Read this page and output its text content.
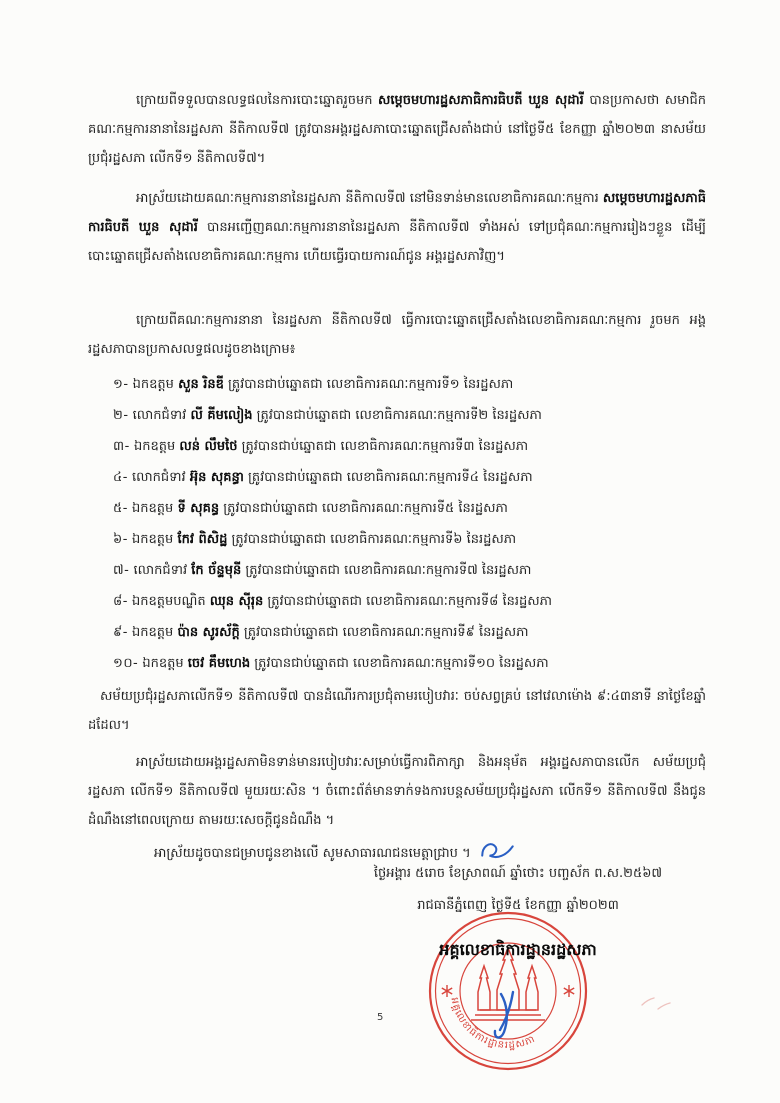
អគ្គលេខាធិការដ្ឋានរដ្ឋសភា

ក្រោយពីទទួលបានលទ្ធផលនៃការបោះឆ្នោតរួចមក សម្តេចមហារដ្ឋសភាធិការធិបតី ឃួន សុដារី បានប្រកាសថា សមាជិកគណៈកម្មការនានានៃរដ្ឋសភា នីតិកាលទី៧ ត្រូវបានអង្គរដ្ឋសភាបោះឆ្នោតជ្រើសតាំងជាប់ នៅថ្ងៃទី៥ ខែកញ្ញា ឆ្នាំ២០២៣ នាសម័យប្រជុំរដ្ឋសភា លើកទី១ នីតិកាលទី៧។

អាស្រ័យដោយគណៈកម្មការនានានៃរដ្ឋសភា នីតិកាលទី៧ នៅមិនទាន់មានលេខាធិការគណៈកម្មការ សម្តេចមហារដ្ឋសភាធិការធិបតី ឃួន សុដារី បានអញ្ជើញគណៈកម្មការនានានៃរដ្ឋសភា នីតិកាលទី៧ ទាំងអស់ ទៅប្រជុំគណៈកម្មការរៀងៗខ្លួន ដើម្បីបោះឆ្នោតជ្រើសតាំងលេខាធិការគណៈកម្មការ ហើយធ្វើរបាយការណ៍ជូន អង្គរដ្ឋសភាវិញ។

ក្រោយពីគណៈកម្មការនានា នៃរដ្ឋសភា នីតិកាលទី៧ ធ្វើការបោះឆ្នោតជ្រើសតាំងលេខាធិការគណៈកម្មការ រួចមក អង្គរដ្ឋសភាបានប្រកាសលទ្ធផលដូចខាងក្រោម៖

១- ឯកឧត្តម សួន រិនឌី ត្រូវបានជាប់ឆ្នោតជា លេខាធិការគណៈកម្មការទី១ នៃរដ្ឋសភា
២- លោកជំទាវ លី គីមលៀង ត្រូវបានជាប់ឆ្នោតជា លេខាធិការគណៈកម្មការទី២ នៃរដ្ឋសភា
៣- ឯកឧត្តម លន់ លឹមថៃ ត្រូវបានជាប់ឆ្នោតជា លេខាធិការគណៈកម្មការទី៣ នៃរដ្ឋសភា
៤- លោកជំទាវ អ៊ុន សុគន្ធា ត្រូវបានជាប់ឆ្នោតជា លេខាធិការគណៈកម្មការទី៤ នៃរដ្ឋសភា
៥- ឯកឧត្តម ទី សុគន្ធ ត្រូវបានជាប់ឆ្នោតជា លេខាធិការគណៈកម្មការទី៥ នៃរដ្ឋសភា
៦- ឯកឧត្តម កែវ ពិសិដ្ឋ ត្រូវបានជាប់ឆ្នោតជា លេខាធិការគណៈកម្មការទី៦ នៃរដ្ឋសភា
៧- លោកជំទាវ កែ ច័ន្ទមុនី ត្រូវបានជាប់ឆ្នោតជា លេខាធិការគណៈកម្មការទី៧ នៃរដ្ឋសភា
៨- ឯកឧត្តមបណ្ឌិត ឈុន ស៊ីរុន ត្រូវបានជាប់ឆ្នោតជា លេខាធិការគណៈកម្មការទី៨ នៃរដ្ឋសភា
៩- ឯកឧត្តម ប៉ាន សូរស័ក្តិ ត្រូវបានជាប់ឆ្នោតជា លេខាធិការគណៈកម្មការទី៩ នៃរដ្ឋសភា
១០- ឯកឧត្តម ចេវ គឹមហេង ត្រូវបានជាប់ឆ្នោតជា លេខាធិការគណៈកម្មការទី១០ នៃរដ្ឋសភា

សម័យប្រជុំរដ្ឋសភាលើកទី១ នីតិកាលទី៧ បានដំណើរការប្រជុំតាមរបៀបវារៈ ចប់សព្វគ្រប់ នៅវេលាម៉ោង ៩:៤៣នាទី នាថ្ងៃខែឆ្នាំដដែល។

អាស្រ័យដោយអង្គរដ្ឋសភាមិនទាន់មានរបៀបវារៈសម្រាប់ធ្វើការពិភាក្សា និងអនុម័ត អង្គរដ្ឋសភាបានលើក សម័យប្រជុំរដ្ឋសភា លើកទី១ នីតិកាលទី៧ មួយរយៈសិន ។ ចំពោះព័ត៌មានទាក់ទងការបន្តសម័យប្រជុំរដ្ឋសភា លើកទី១ នីតិកាលទី៧ នឹងជូនដំណឹងនៅពេលក្រោយ តាមរយៈសេចក្តីជូនដំណឹង ។

អាស្រ័យដូចបានជម្រាបជូនខាងលើ សូមសាធារណជនមេត្តាជ្រាប ។

ថ្ងៃអង្គារ ៥រោច ខែស្រាពណ៍ ឆ្នាំថោះ បញ្ចស័ក ព.ស.២៥៦៧

រាជធានីភ្នំពេញ ថ្ងៃទី៥ ខែកញ្ញា ឆ្នាំ២០២៣

អគ្គលេខាធិការដ្ឋានរដ្ឋសភា

5
